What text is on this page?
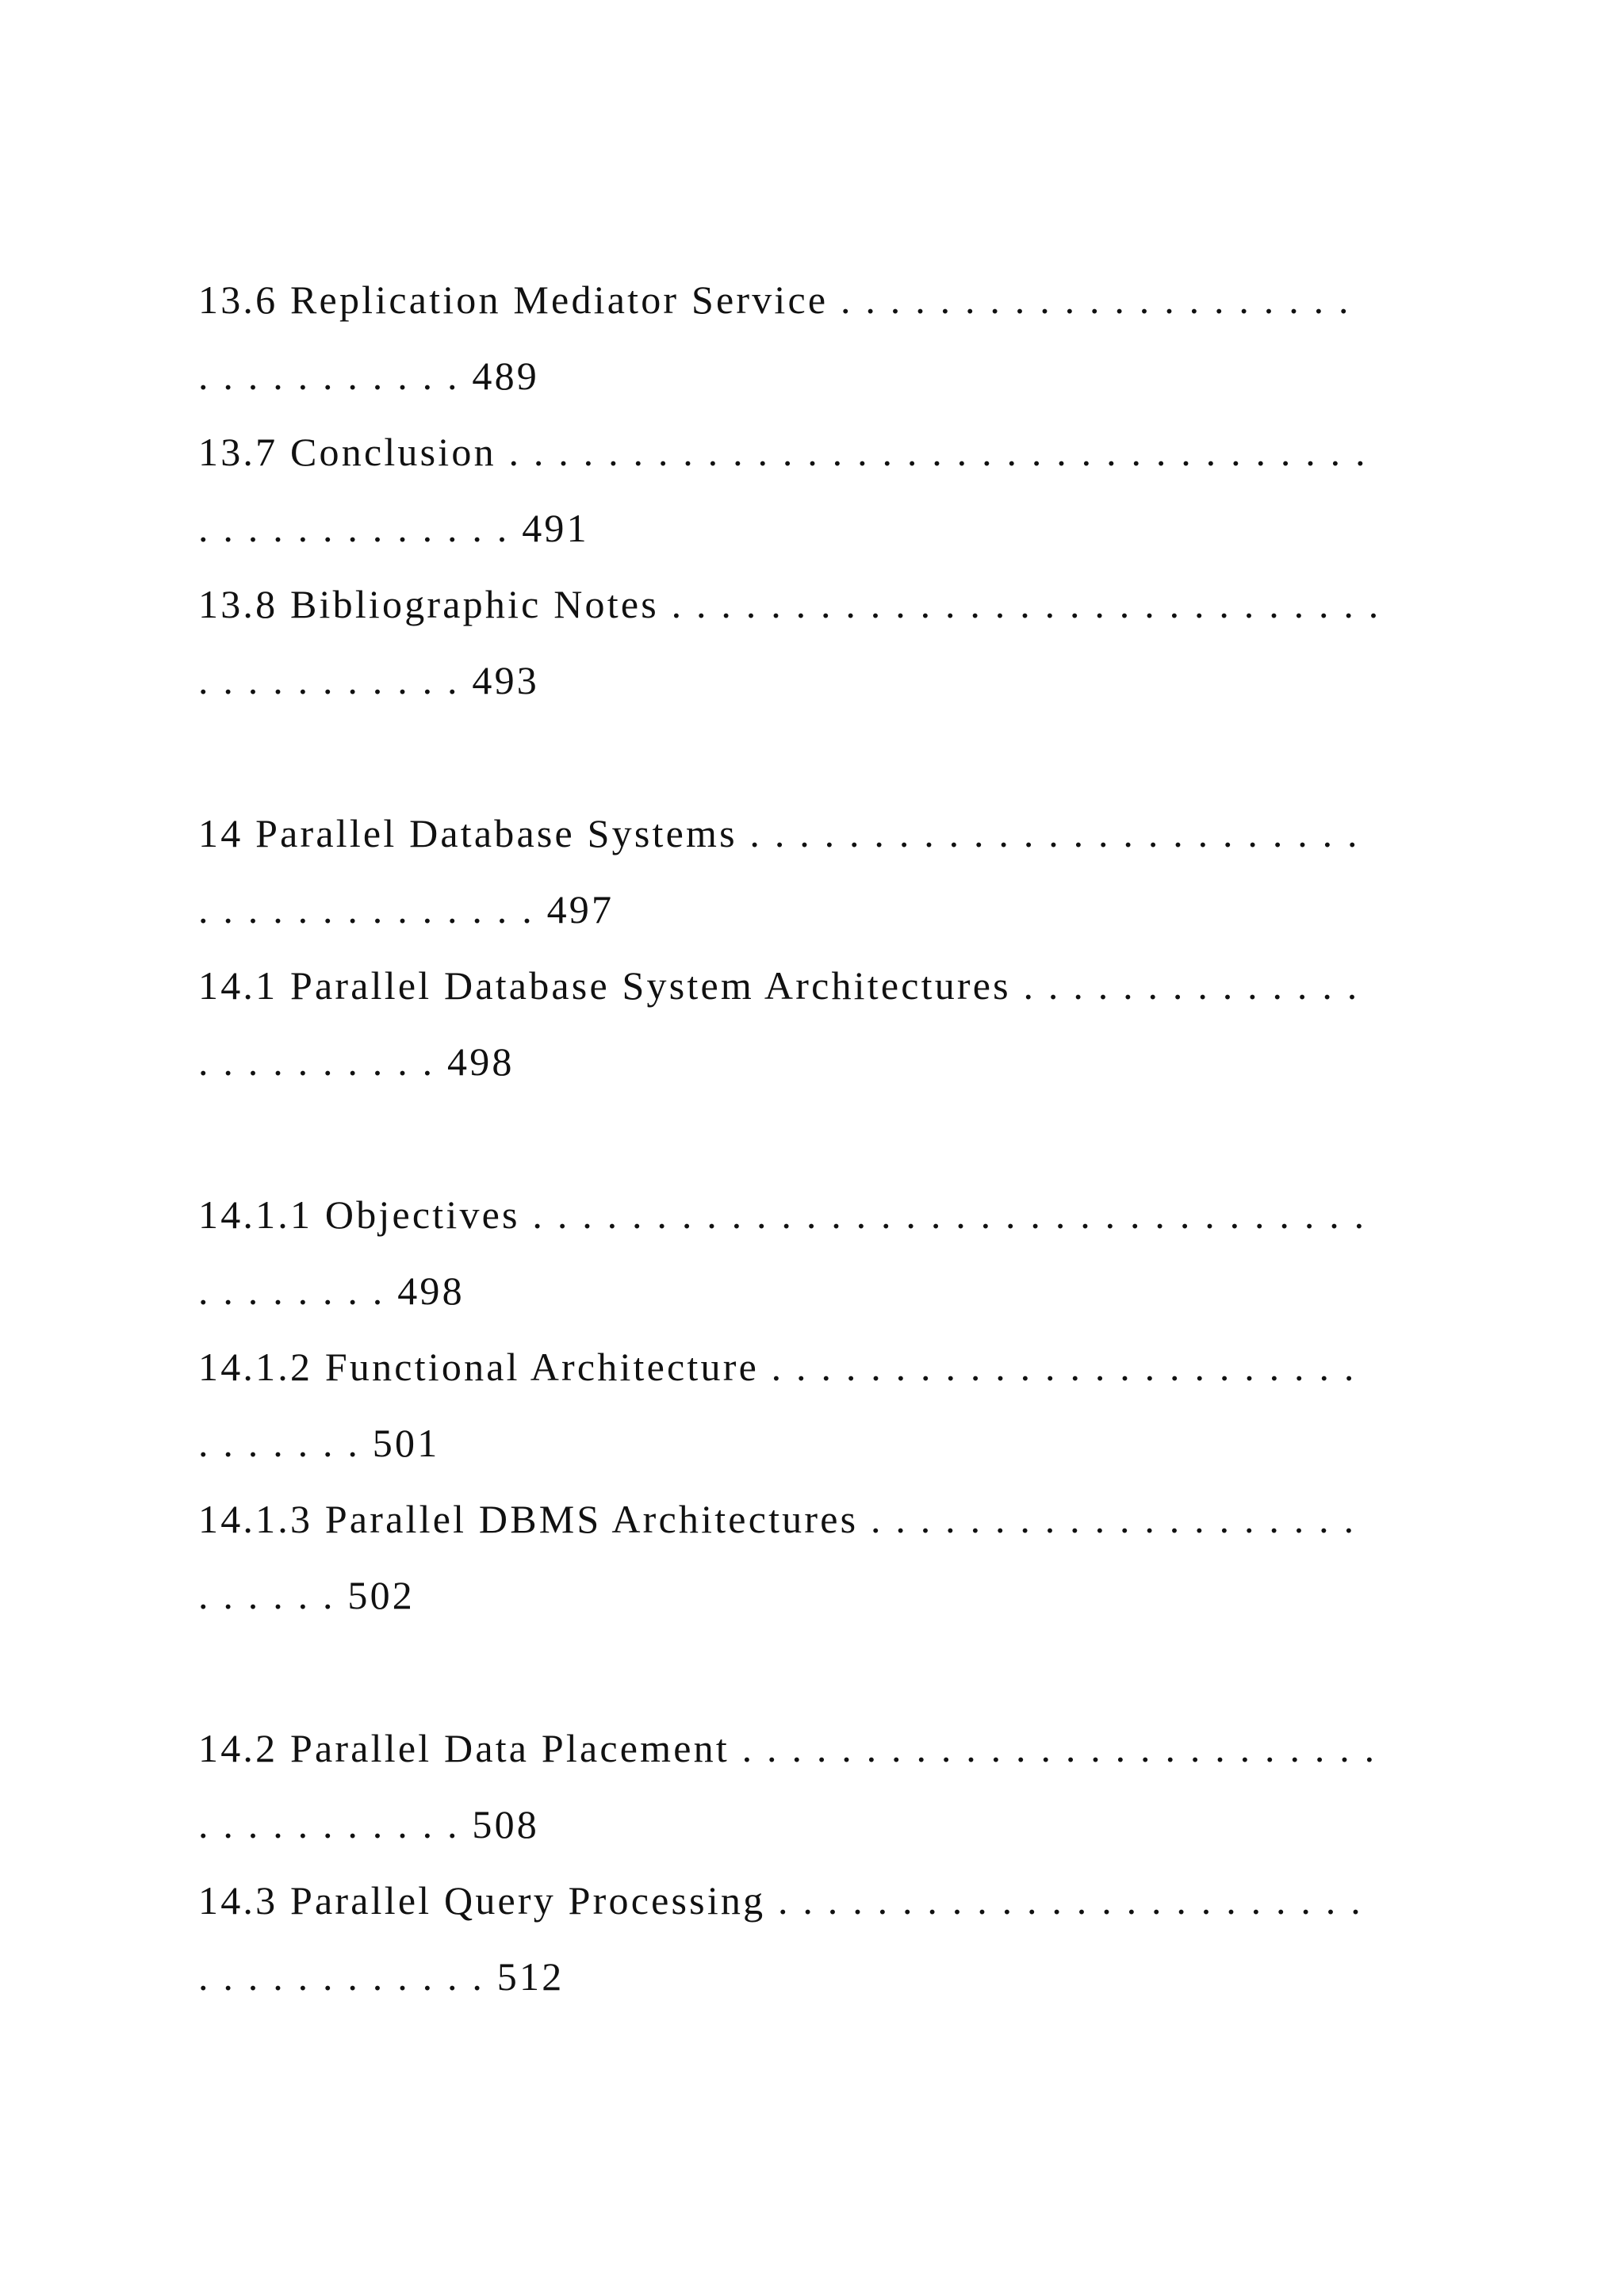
13.6 Replication Mediator Service . . . . . . . . . . . . . . . . . . . . .

. . . . . . . . . . . 489

13.7 Conclusion . . . . . . . . . . . . . . . . . . . . . . . . . . . . . . . . . . .

. . . . . . . . . . . . . 491

13.8 Bibliographic Notes . . . . . . . . . . . . . . . . . . . . . . . . . . . . .

. . . . . . . . . . . 493

14 Parallel Database Systems . . . . . . . . . . . . . . . . . . . . . . . . .

. . . . . . . . . . . . . . 497

14.1 Parallel Database System Architectures . . . . . . . . . . . . . .

. . . . . . . . . . 498

14.1.1 Objectives . . . . . . . . . . . . . . . . . . . . . . . . . . . . . . . . . .

. . . . . . . . 498

14.1.2 Functional Architecture . . . . . . . . . . . . . . . . . . . . . . . .

. . . . . . . 501

14.1.3 Parallel DBMS Architectures . . . . . . . . . . . . . . . . . . . .

. . . . . . 502

14.2 Parallel Data Placement . . . . . . . . . . . . . . . . . . . . . . . . . .

. . . . . . . . . . . 508

14.3 Parallel Query Processing . . . . . . . . . . . . . . . . . . . . . . . .

. . . . . . . . . . . . 512
